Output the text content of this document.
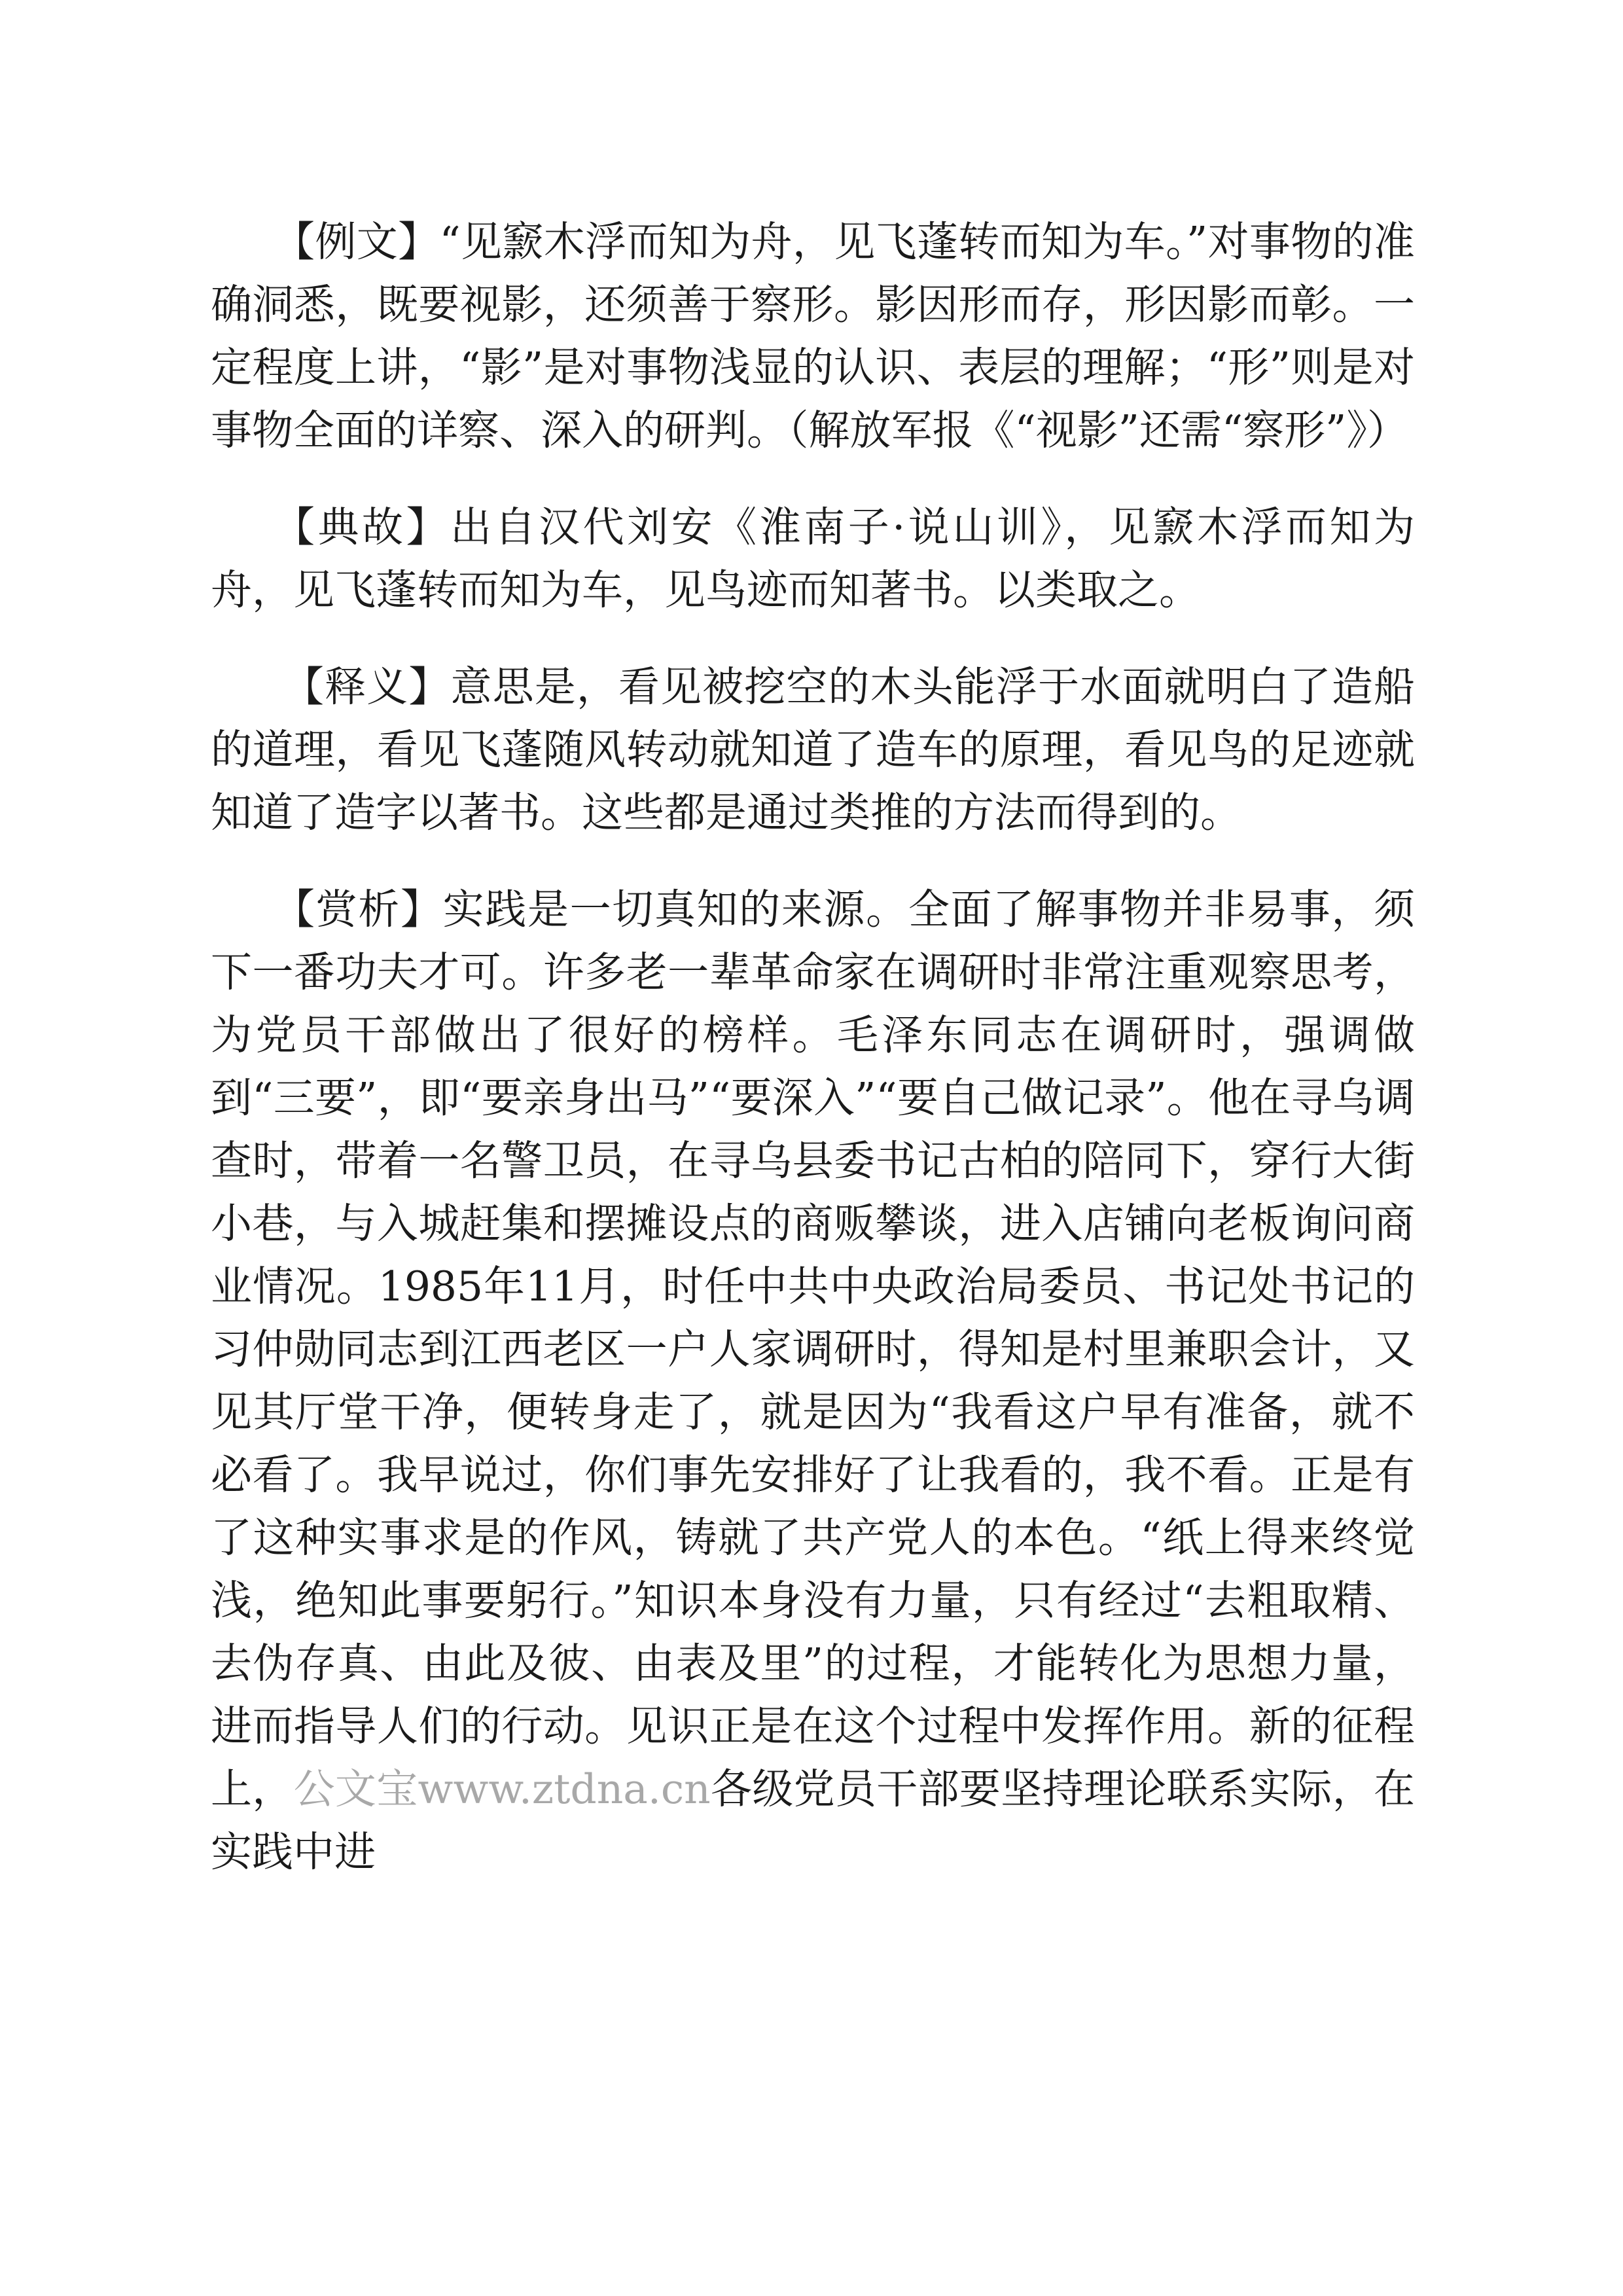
【例文】“见窾木浮而知为舟，见飞蓬转而知为车。”对事物的准确洞悉，既要视影，还须善于察形。影因形而存，形因影而彰。一定程度上讲，“影”是对事物浅显的认识、表层的理解；“形”则是对事物全面的详察、深入的研判。（解放军报《“视影”还需“察形”》）

【典故】出自汉代刘安《淮南子·说山训》，见窾木浮而知为舟，见飞蓬转而知为车，见鸟迹而知著书。以类取之。

【释义】意思是，看见被挖空的木头能浮于水面就明白了造船的道理，看见飞蓬随风转动就知道了造车的原理，看见鸟的足迹就知道了造字以著书。这些都是通过类推的方法而得到的。

【赏析】实践是一切真知的来源。全面了解事物并非易事，须下一番功夫才可。许多老一辈革命家在调研时非常注重观察思考，为党员干部做出了很好的榜样。毛泽东同志在调研时，强调做到“三要”，即“要亲身出马”“要深入”“要自己做记录”。他在寻乌调查时，带着一名警卫员，在寻乌县委书记古柏的陪同下，穿行大街小巷，与入城赶集和摆摊设点的商贩攀谈，进入店铺向老板询问商业情况。1985年11月，时任中共中央政治局委员、书记处书记的习仲勋同志到江西老区一户人家调研时，得知是村里兼职会计，又见其厅堂干净，便转身走了，就是因为“我看这户早有准备，就不必看了。我早说过，你们事先安排好了让我看的，我不看。正是有了这种实事求是的作风，铸就了共产党人的本色。“纸上得来终觉浅，绝知此事要躬行。”知识本身没有力量，只有经过“去粗取精、去伪存真、由此及彼、由表及里”的过程，才能转化为思想力量，进而指导人们的行动。见识正是在这个过程中发挥作用。新的征程上，公文宝www.ztdna.cn各级党员干部要坚持理论联系实际，在实践中进
